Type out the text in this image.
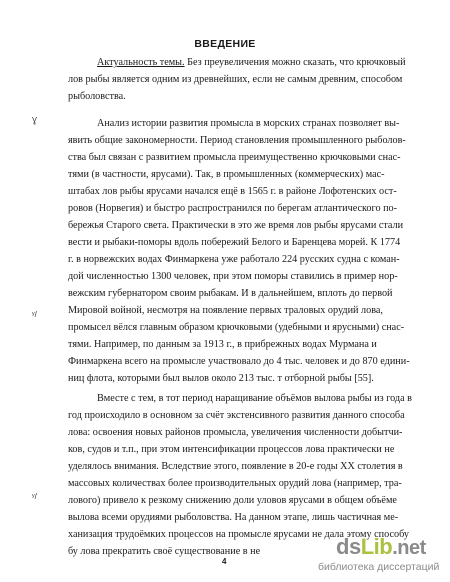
ВВЕДЕНИЕ
Актуальность темы. Без преувеличения можно сказать, что крючковый
лов рыбы является одним из древнейших, если не самым древним, способом
рыболовства.
Анализ истории развития промысла в морских странах позволяет вы-
явить общие закономерности. Период становления промышленного рыболов-
ства был связан с развитием промысла преимущественно крючковыми снас-
тями (в частности, ярусами). Так, в промышленных (коммерческих) мас-
штабах лов рыбы ярусами начался ещё в 1565 г. в районе Лофотенских ост-
ровов (Норвегия) и быстро распространился по берегам атлантического по-
бережья Старого света. Практически в это же время лов рыбы ярусами стали
вести и рыбаки-поморы вдоль побережий Белого и Баренцева морей. К 1774
г. в норвежских водах Финмаркена уже работало 224 русских судна с коман-
дой численностью 1300 человек, при этом поморы ставились в пример нор-
вежским губернатором своим рыбакам. И в дальнейшем, вплоть до первой
Мировой войной, несмотря на появление первых траловых орудий лова,
промысел вёлся главным образом крючковыми (удебными и ярусными) снас-
тями. Например, по данным за 1913 г., в прибрежных водах Мурмана и
Финмаркена всего на промысле участвовало до 4 тыс. человек и до 870 едини-
ниц флота, которыми был вылов около 213 тыс. т отборной рыбы [55].
Вместе с тем, в тот период наращивание объёмов вылова рыбы из года в
год происходило в основном за счёт экстенсивного развития данного способа
лова: освоения новых районов промысла, увеличения численности добытчи-
ков, судов и т.п., при этом интенсификации процессов лова практически не
уделялось внимания. Вследствие этого, появление в 20-е годы XX столетия в
массовых количествах более производительных орудий лова (например, тра-
лового) привело к резкому снижению доли уловов ярусами в общем объёме
вылова всеми орудиями рыболовства. На данном этапе, лишь частичная ме-
ханизация трудоёмких процессов на промысле ярусами не дала этому способу
бу лова прекратить своё существование в не
Ɣ
ʸ/
ʸ/
4
dsLib.net
библиотека диссертаций
